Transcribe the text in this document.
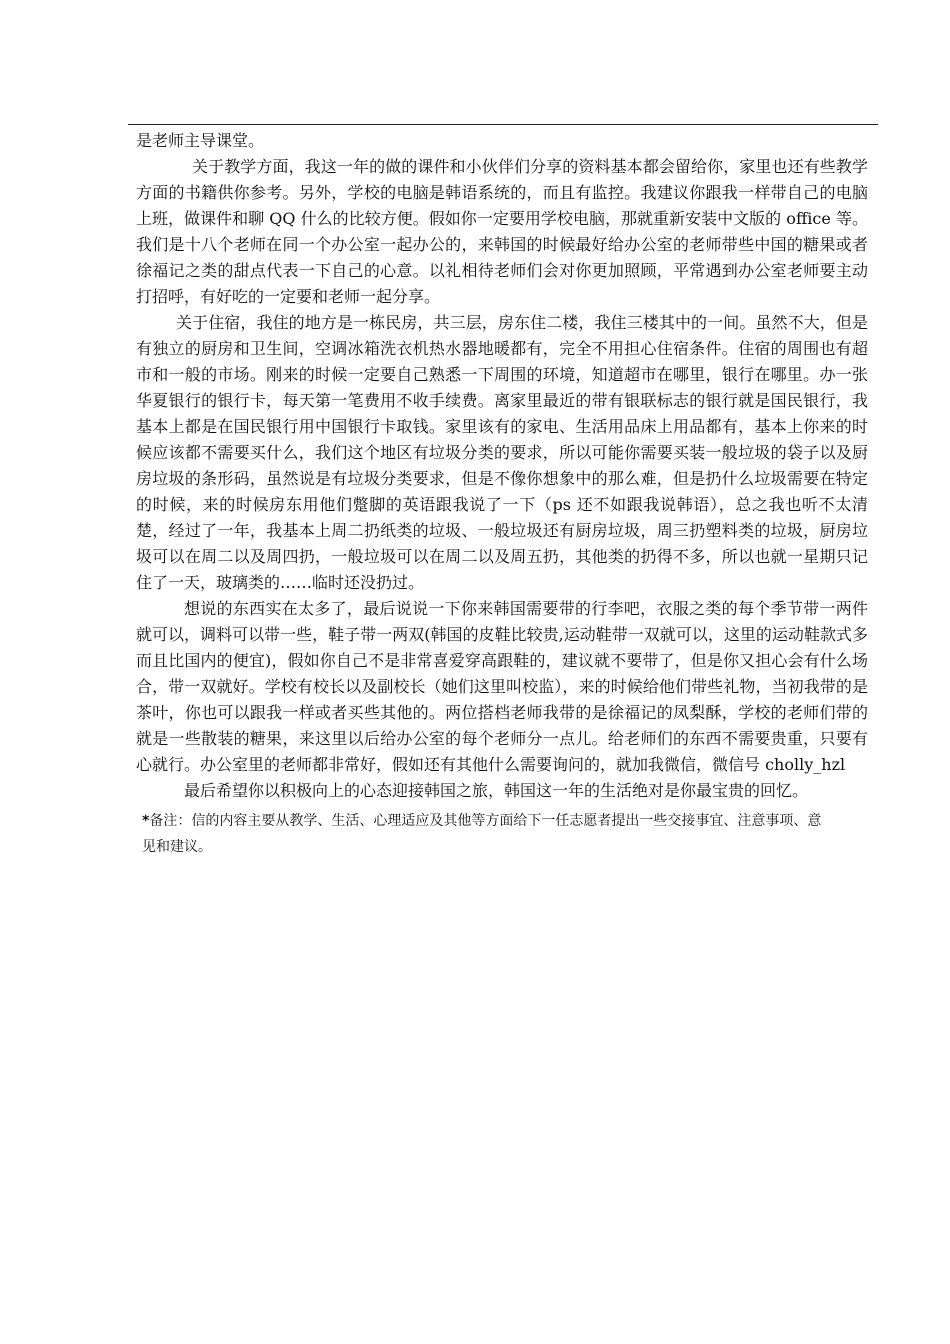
是老师主导课堂。

关于教学方面，我这一年的做的课件和小伙伴们分享的资料基本都会留给你，家里也还有些教学方面的书籍供你参考。另外，学校的电脑是韩语系统的，而且有监控。我建议你跟我一样带自己的电脑上班，做课件和聊 QQ 什么的比较方便。假如你一定要用学校电脑，那就重新安装中文版的 office 等。我们是十八个老师在同一个办公室一起办公的，来韩国的时候最好给办公室的老师带些中国的糖果或者徐福记之类的甜点代表一下自己的心意。以礼相待老师们会对你更加照顾，平常遇到办公室老师要主动打招呼，有好吃的一定要和老师一起分享。

关于住宿，我住的地方是一栋民房，共三层，房东住二楼，我住三楼其中的一间。虽然不大，但是有独立的厨房和卫生间，空调冰箱洗衣机热水器地暖都有，完全不用担心住宿条件。住宿的周围也有超市和一般的市场。刚来的时候一定要自己熟悉一下周围的环境，知道超市在哪里，银行在哪里。办一张华夏银行的银行卡，每天第一笔费用不收手续费。离家里最近的带有银联标志的银行就是国民银行，我基本上都是在国民银行用中国银行卡取钱。家里该有的家电、生活用品床上用品都有，基本上你来的时候应该都不需要买什么，我们这个地区有垃圾分类的要求，所以可能你需要买装一般垃圾的袋子以及厨房垃圾的条形码，虽然说是有垃圾分类要求，但是不像你想象中的那么难，但是扔什么垃圾需要在特定的时候，来的时候房东用他们蹩脚的英语跟我说了一下（ps 还不如跟我说韩语），总之我也听不太清楚，经过了一年，我基本上周二扔纸类的垃圾、一般垃圾还有厨房垃圾，周三扔塑料类的垃圾，厨房垃圾可以在周二以及周四扔，一般垃圾可以在周二以及周五扔，其他类的扔得不多，所以也就一星期只记住了一天，玻璃类的……临时还没扔过。

想说的东西实在太多了，最后说说一下你来韩国需要带的行李吧，衣服之类的每个季节带一两件就可以，调料可以带一些，鞋子带一两双(韩国的皮鞋比较贵,运动鞋带一双就可以，这里的运动鞋款式多而且比国内的便宜)，假如你自己不是非常喜爱穿高跟鞋的，建议就不要带了，但是你又担心会有什么场合，带一双就好。学校有校长以及副校长（她们这里叫校监），来的时候给他们带些礼物，当初我带的是茶叶，你也可以跟我一样或者买些其他的。两位搭档老师我带的是徐福记的凤梨酥，学校的老师们带的就是一些散装的糖果，来这里以后给办公室的每个老师分一点儿。给老师们的东西不需要贵重，只要有心就行。办公室里的老师都非常好，假如还有其他什么需要询问的，就加我微信，微信号 cholly_hzl

最后希望你以积极向上的心态迎接韩国之旅，韩国这一年的生活绝对是你最宝贵的回忆。

*备注：信的内容主要从教学、生活、心理适应及其他等方面给下一任志愿者提出一些交接事宜、注意事项、意见和建议。
